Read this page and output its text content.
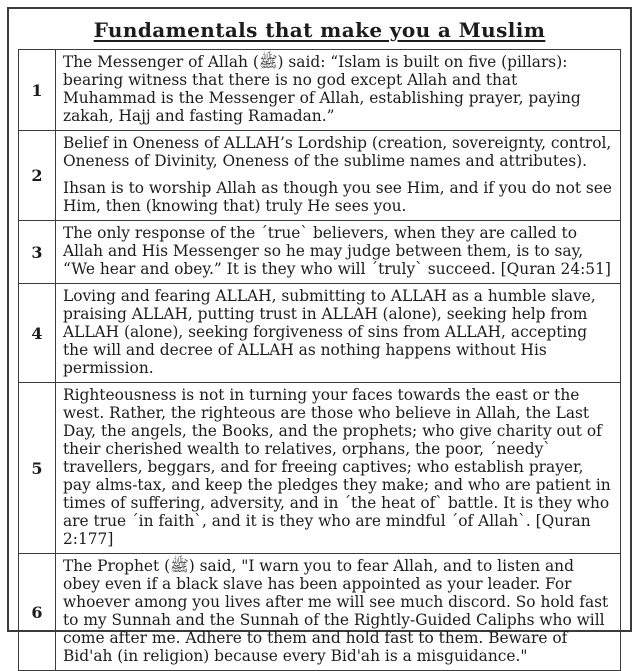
Fundamentals that make you a Muslim
1	The Messenger of Allah (ﷺ) said: “Islam is built on five (pillars): bearing witness that there is no god except Allah and that Muhammad is the Messenger of Allah, establishing prayer, paying zakah, Hajj and fasting Ramadan.”

2	Belief in Oneness of ALLAH’s Lordship (creation, sovereignty, control, Oneness of Divinity, Oneness of the sublime names and attributes).

Ihsan is to worship Allah as though you see Him, and if you do not see Him, then (knowing that) truly He sees you.

3	The only response of the ´true` believers, when they are called to Allah and His Messenger so he may judge between them, is to say, “We hear and obey.” It is they who will ´truly` succeed. [Quran 24:51]

4	Loving and fearing ALLAH, submitting to ALLAH as a humble slave, praising ALLAH, putting trust in ALLAH (alone), seeking help from ALLAH (alone), seeking forgiveness of sins from ALLAH, accepting the will and decree of ALLAH as nothing happens without His permission.

5	Righteousness is not in turning your faces towards the east or the west. Rather, the righteous are those who believe in Allah, the Last Day, the angels, the Books, and the prophets; who give charity out of their cherished wealth to relatives, orphans, the poor, ´needy` travellers, beggars, and for freeing captives; who establish prayer, pay alms-tax, and keep the pledges they make; and who are patient in times of suffering, adversity, and in ´the heat of` battle. It is they who are true ´in faith`, and it is they who are mindful ´of Allah`. [Quran 2:177]

6	The Prophet (ﷺ) said, "I warn you to fear Allah, and to listen and obey even if a black slave has been appointed as your leader. For whoever among you lives after me will see much discord. So hold fast to my Sunnah and the Sunnah of the Rightly-Guided Caliphs who will come after me. Adhere to them and hold fast to them. Beware of Bid'ah (in religion) because every Bid'ah is a misguidance."
